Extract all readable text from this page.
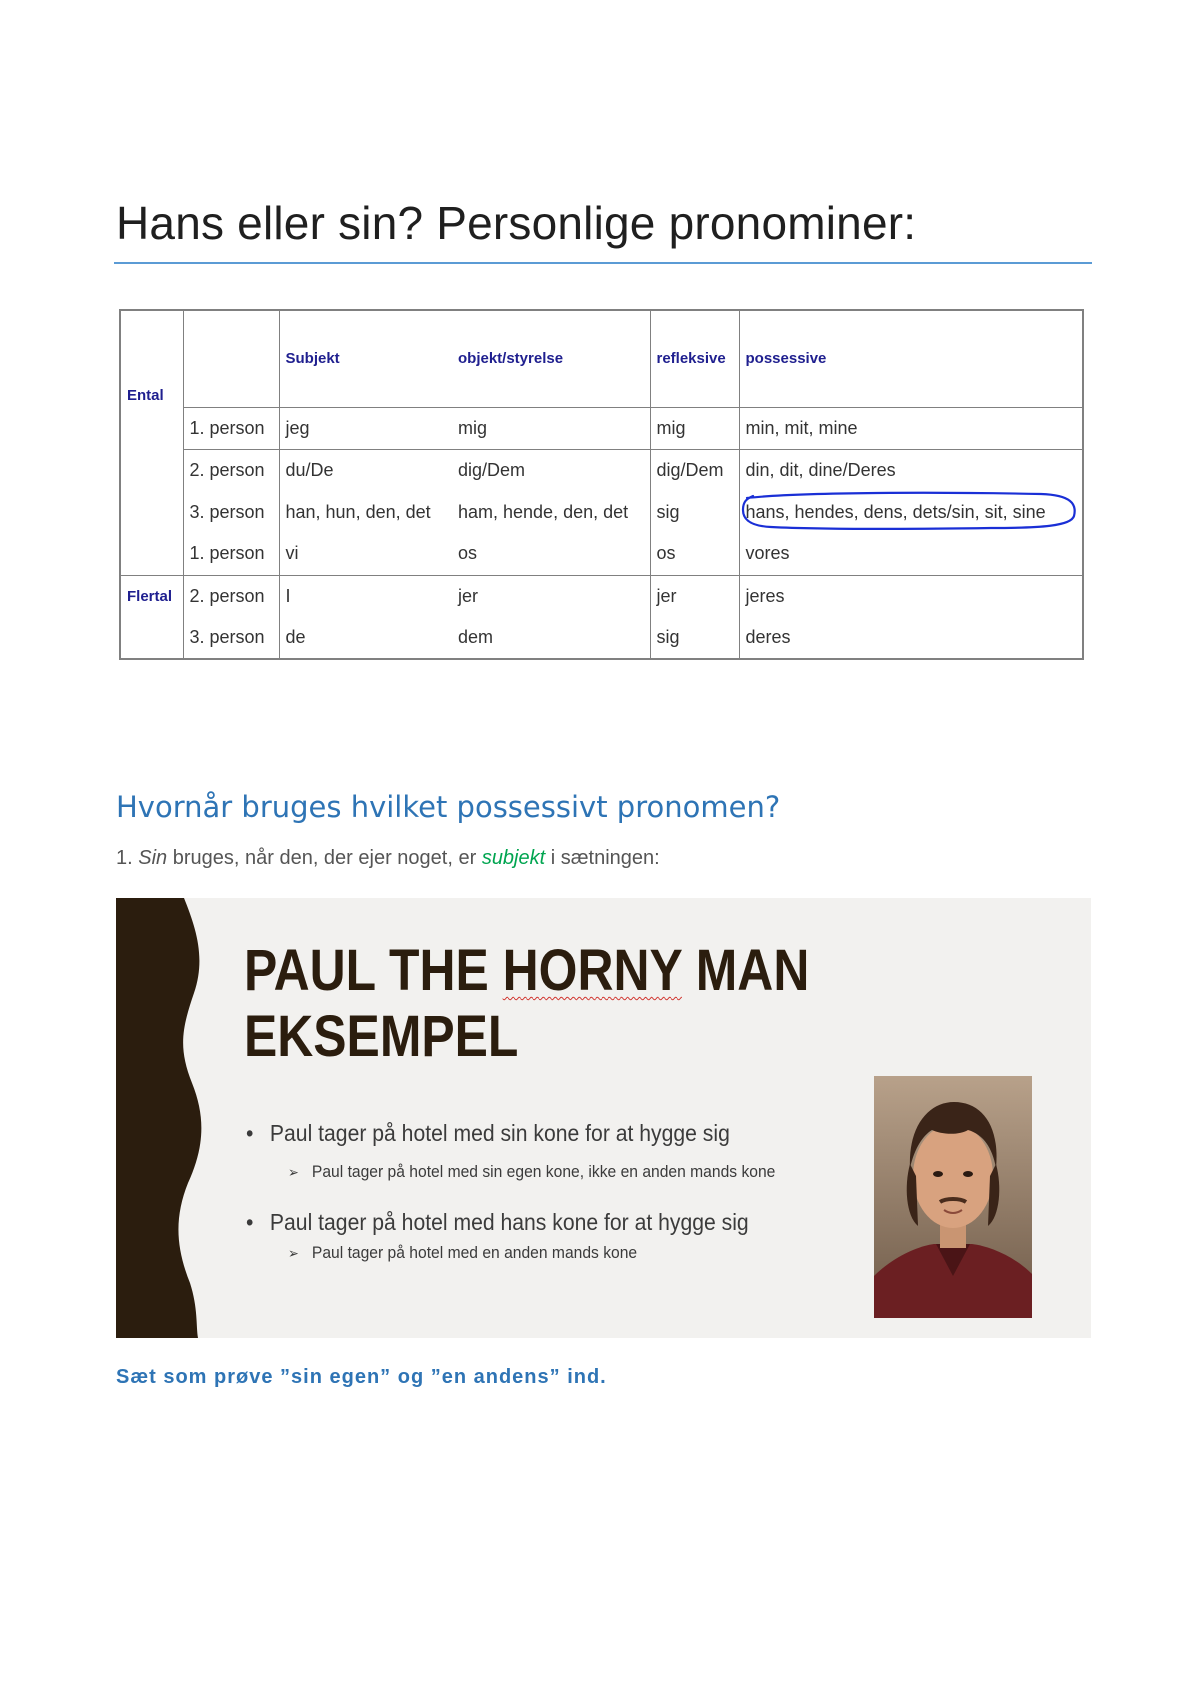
Hans eller sin? Personlige pronominer:
		Subjekt	objekt/styrelse	refleksive	possessive

Ental	1. person	jeg	mig	mig	min, mit, mine
	2. person	du/De	dig/Dem	dig/Dem	din, dit, dine/Deres
	3. person	han, hun, den, det	ham, hende, den, det	sig	hans, hendes, dens, dets/sin, sit, sine
	1. person	vi	os	os	vores

Flertal	2. person	I	jer	jer	jeres
	3. person	de	dem	sig	deres
Hvornår bruges hvilket possessivt pronomen?
1. Sin bruges, når den, der ejer noget, er subjekt i sætningen:
PAUL THE HORNY MAN
EKSEMPEL
• Paul tager på hotel med sin kone for at hygge sig
➢ Paul tager på hotel med sin egen kone, ikke en anden mands kone
• Paul tager på hotel med hans kone for at hygge sig
➢ Paul tager på hotel med en anden mands kone
Sæt som prøve ”sin egen” og ”en andens” ind.
